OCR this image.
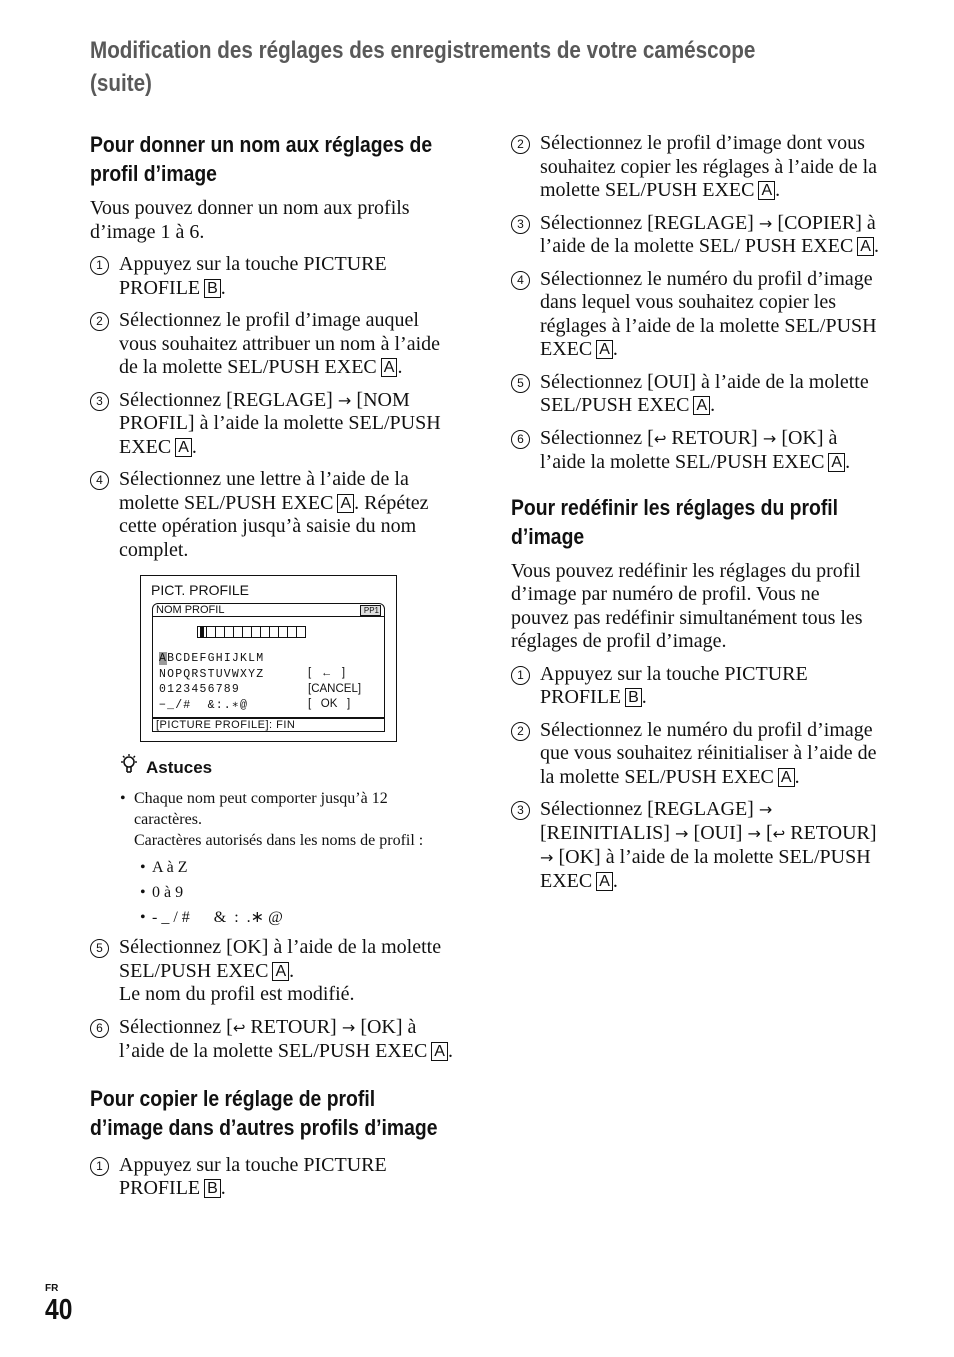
Modification des réglages des enregistrements de votre caméscope (suite)
Pour donner un nom aux réglages de profil d’image

Vous pouvez donner un nom aux profils d’image 1 à 6.

1 Appuyez sur la touche PICTURE PROFILE B .
2 Sélectionnez le profil d’image auquel vous souhaitez attribuer un nom à l’aide de la molette SEL/PUSH EXEC A .
3 Sélectionnez [REGLAGE] → [NOM PROFIL] à l’aide la molette SEL/PUSH EXEC A .
4 Sélectionnez une lettre à l’aide de la molette SEL/PUSH EXEC A . Répétez cette opération jusqu’à saisie du nom complet.
PICT. PROFILE
NOM PROFIL	PP1
ABCDEFGHIJKLM
NOPQRSTUVWXYZ
0123456789
−_/#  &:.∗@
[   ←   ]
[CANCEL]
[   OK   ]
[PICTURE PROFILE]: FIN
Astuces
• Chaque nom peut comporter jusqu’à 12 caractères.
Caractères autorisés dans les noms de profil :
• A à Z
• 0 à 9
• - _ / #      &  :  .∗ @
5 Sélectionnez [OK] à l’aide de la molette SEL/PUSH EXEC A .
Le nom du profil est modifié.
6 Sélectionnez [↩ RETOUR] → [OK] à l’aide de la molette SEL/PUSH EXEC A .
Pour copier le réglage de profil
d’image dans d’autres profils d’image
1 Appuyez sur la touche PICTURE PROFILE B .
2 Sélectionnez le profil d’image dont vous souhaitez copier les réglages à l’aide de la molette SEL/PUSH EXEC A .
3 Sélectionnez [REGLAGE] → [COPIER] à l’aide de la molette SEL/ PUSH EXEC A .
4 Sélectionnez le numéro du profil d’image dans lequel vous souhaitez copier les réglages à l’aide de la molette SEL/PUSH EXEC A .
5 Sélectionnez [OUI] à l’aide de la molette SEL/PUSH EXEC A .
6 Sélectionnez [↩ RETOUR] → [OK] à l’aide la molette SEL/PUSH EXEC A .
Pour redéfinir les réglages du profil
d’image

Vous pouvez redéfinir les réglages du profil d’image par numéro de profil. Vous ne pouvez pas redéfinir simultanément tous les réglages de profil d’image.

1 Appuyez sur la touche PICTURE PROFILE B .
2 Sélectionnez le numéro du profil d’image que vous souhaitez réinitialiser à l’aide de la molette SEL/PUSH EXEC A .
3 Sélectionnez [REGLAGE] → [REINITIALIS] → [OUI] → [↩ RETOUR] → [OK] à l’aide de la molette SEL/PUSH EXEC A .
FR
40
